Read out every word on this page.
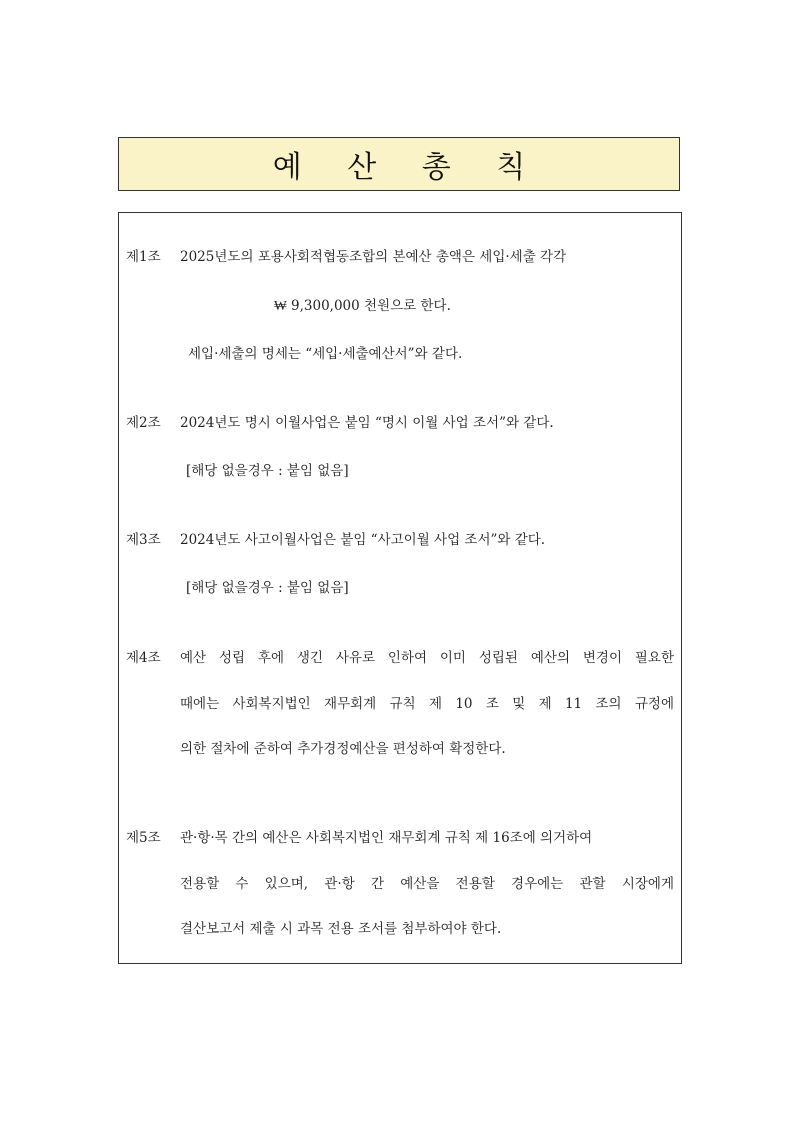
예 산 총 칙
제1조 2025년도의 포용사회적협동조합의 본예산 총액은 세입·세출 각각
₩ 9,300,000 천원으로 한다.
세입·세출의 명세는 “세입·세출예산서”와 같다.
제2조 2024년도 명시 이월사업은 붙임 “명시 이월 사업 조서”와 같다.
[해당 없을경우 : 붙임 없음]
제3조 2024년도 사고이월사업은 붙임 “사고이월 사업 조서”와 같다.
[해당 없을경우 : 붙임 없음]
제4조 예산 성립 후에 생긴 사유로 인하여 이미 성립된 예산의 변경이 필요한
때에는 사회복지법인 재무회계 규칙 제 10 조 및 제 11 조의 규정에
의한 절차에 준하여 추가경정예산을 편성하여 확정한다.
제5조 관·항·목 간의 예산은 사회복지법인 재무회계 규칙 제 16조에 의거하여
전용할 수 있으며, 관·항 간 예산을 전용할 경우에는 관할 시장에게
결산보고서 제출 시 과목 전용 조서를 첨부하여야 한다.
